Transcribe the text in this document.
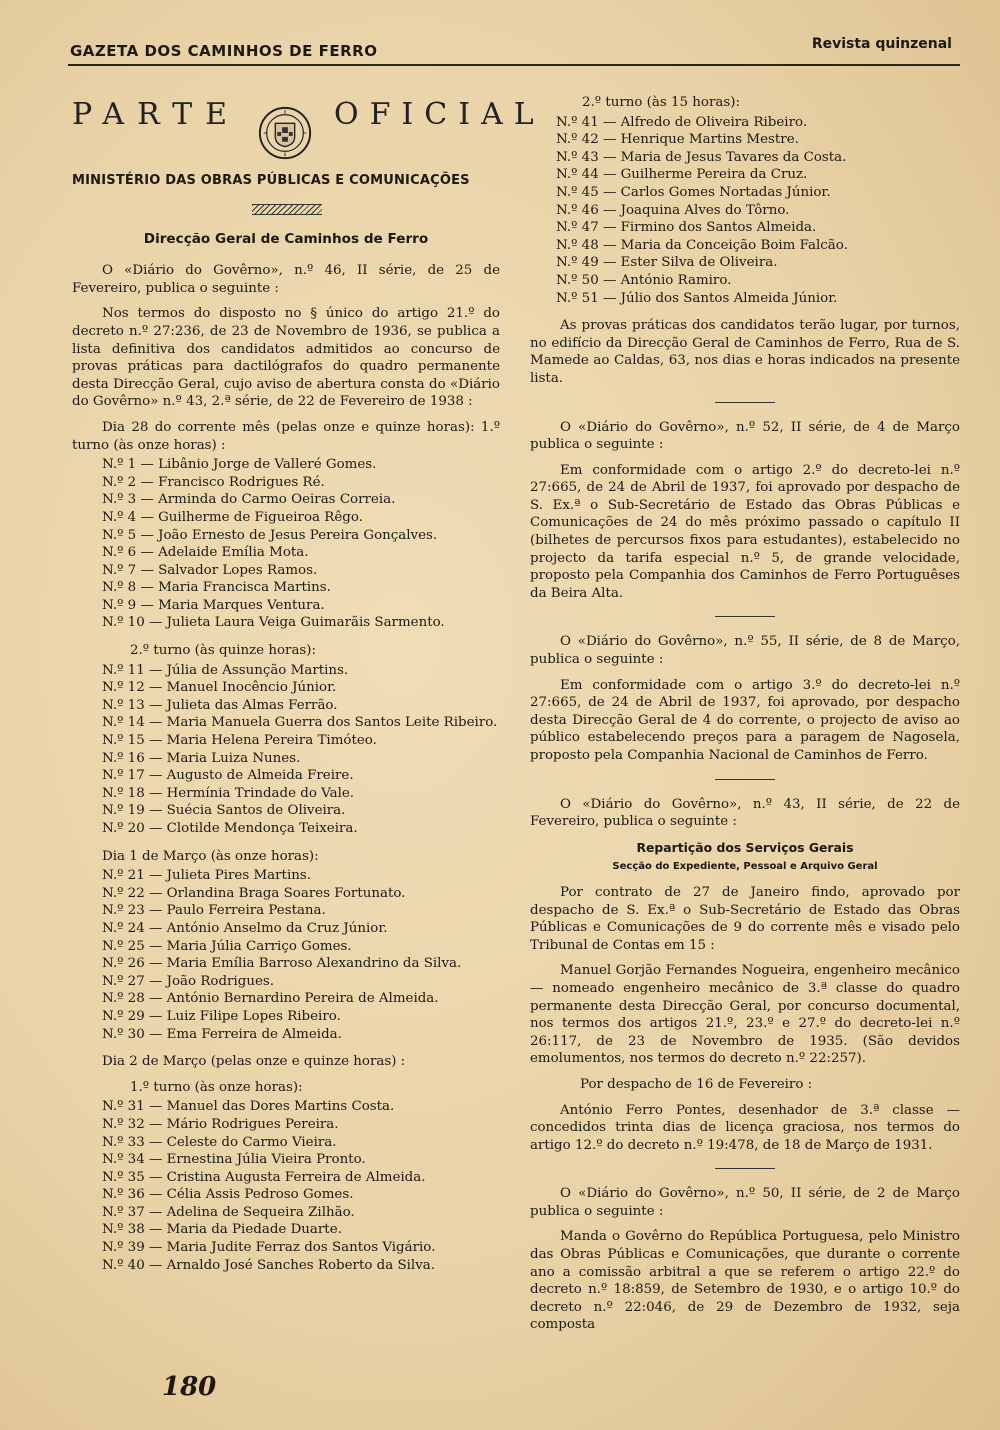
GAZETA DOS CAMINHOS DE FERRO	Revista quinzenal
PARTE	OFICIAL
MINISTÉRIO DAS OBRAS PÚBLICAS E COMUNICAÇÕES
Direcção Geral de Caminhos de Ferro

O «Diário do Govêrno», n.º 46, II série, de 25 de Fevereiro, publica o seguinte :

Nos termos do disposto no § único do artigo 21.º do decreto n.º 27:236, de 23 de Novembro de 1936, se publica a lista definitiva dos candidatos admitidos ao concurso de provas práticas para dactilógrafos do quadro permanente desta Direcção Geral, cujo aviso de abertura consta do «Diário do Govêrno» n.º 43, 2.ª série, de 22 de Fevereiro de 1938 :

Dia 28 do corrente mês (pelas onze e quinze horas): 1.º turno (às onze horas) :

N.º 1 — Libânio Jorge de Valleré Gomes.
N.º 2 — Francisco Rodrigues Ré.
N.º 3 — Arminda do Carmo Oeiras Correia.
N.º 4 — Guilherme de Figueiroa Rêgo.
N.º 5 — João Ernesto de Jesus Pereira Gonçalves.
N.º 6 — Adelaide Emília Mota.
N.º 7 — Salvador Lopes Ramos.
N.º 8 — Maria Francisca Martins.
N.º 9 — Maria Marques Ventura.
N.º 10 — Julieta Laura Veiga Guimarãis Sarmento.
2.º turno (às quinze horas):
N.º 11 — Júlia de Assunção Martins.
N.º 12 — Manuel Inocêncio Júnior.
N.º 13 — Julieta das Almas Ferrão.
N.º 14 — Maria Manuela Guerra dos Santos Leite Ribeiro.
N.º 15 — Maria Helena Pereira Timóteo.
N.º 16 — Maria Luiza Nunes.
N.º 17 — Augusto de Almeida Freire.
N.º 18 — Hermínia Trindade do Vale.
N.º 19 — Suécia Santos de Oliveira.
N.º 20 — Clotilde Mendonça Teixeira.
Dia 1 de Março (às onze horas):
N.º 21 — Julieta Pires Martins.
N.º 22 — Orlandina Braga Soares Fortunato.
N.º 23 — Paulo Ferreira Pestana.
N.º 24 — António Anselmo da Cruz Júnior.
N.º 25 — Maria Júlia Carriço Gomes.
N.º 26 — Maria Emília Barroso Alexandrino da Silva.
N.º 27 — João Rodrigues.
N.º 28 — António Bernardino Pereira de Almeida.
N.º 29 — Luiz Filipe Lopes Ribeiro.
N.º 30 — Ema Ferreira de Almeida.
Dia 2 de Março (pelas onze e quinze horas) :
1.º turno (às onze horas):
N.º 31 — Manuel das Dores Martins Costa.
N.º 32 — Mário Rodrigues Pereira.
N.º 33 — Celeste do Carmo Vieira.
N.º 34 — Ernestina Júlia Vieira Pronto.
N.º 35 — Cristina Augusta Ferreira de Almeida.
N.º 36 — Célia Assis Pedroso Gomes.
N.º 37 — Adelina de Sequeira Zilhão.
N.º 38 — Maria da Piedade Duarte.
N.º 39 — Maria Judite Ferraz dos Santos Vigário.
N.º 40 — Arnaldo José Sanches Roberto da Silva.
2.º turno (às 15 horas):
N.º 41 — Alfredo de Oliveira Ribeiro.
N.º 42 — Henrique Martins Mestre.
N.º 43 — Maria de Jesus Tavares da Costa.
N.º 44 — Guilherme Pereira da Cruz.
N.º 45 — Carlos Gomes Nortadas Júnior.
N.º 46 — Joaquina Alves do Tôrno.
N.º 47 — Firmino dos Santos Almeida.
N.º 48 — Maria da Conceição Boim Falcão.
N.º 49 — Ester Silva de Oliveira.
N.º 50 — António Ramiro.
N.º 51 — Júlio dos Santos Almeida Júnior.

As provas práticas dos candidatos terão lugar, por turnos, no edifício da Direcção Geral de Caminhos de Ferro, Rua de S. Mamede ao Caldas, 63, nos dias e horas indicados na presente lista.

O «Diário do Govêrno», n.º 52, II série, de 4 de Março publica o seguinte :

Em conformidade com o artigo 2.º do decreto-lei n.º 27:665, de 24 de Abril de 1937, foi aprovado por despacho de S. Ex.ª o Sub-Secretário de Estado das Obras Públicas e Comunicações de 24 do mês próximo passado o capítulo II (bilhetes de percursos fixos para estudantes), estabelecido no projecto da tarifa especial n.º 5, de grande velocidade, proposto pela Companhia dos Caminhos de Ferro Portuguêses da Beira Alta.

O «Diário do Govêrno», n.º 55, II série, de 8 de Março, publica o seguinte :

Em conformidade com o artigo 3.º do decreto-lei n.º 27:665, de 24 de Abril de 1937, foi aprovado, por despacho desta Direcção Geral de 4 do corrente, o projecto de aviso ao público estabelecendo preços para a paragem de Nagosela, proposto pela Companhia Nacional de Caminhos de Ferro.

O «Diário do Govêrno», n.º 43, II série, de 22 de Fevereiro, publica o seguinte :

Repartição dos Serviços Gerais
Secção do Expediente, Pessoal e Arquivo Geral

Por contrato de 27 de Janeiro findo, aprovado por despacho de S. Ex.ª o Sub-Secretário de Estado das Obras Públicas e Comunicações de 9 do corrente mês e visado pelo Tribunal de Contas em 15 :

Manuel Gorjão Fernandes Nogueira, engenheiro mecânico — nomeado engenheiro mecânico de 3.ª classe do quadro permanente desta Direcção Geral, por concurso documental, nos termos dos artigos 21.º, 23.º e 27.º do decreto-lei n.º 26:117, de 23 de Novembro de 1935. (São devidos emolumentos, nos termos do decreto n.º 22:257).

Por despacho de 16 de Fevereiro :

António Ferro Pontes, desenhador de 3.ª classe — concedidos trinta dias de licença graciosa, nos termos do artigo 12.º do decreto n.º 19:478, de 18 de Março de 1931.

O «Diário do Govêrno», n.º 50, II série, de 2 de Março publica o seguinte :

Manda o Govêrno do República Portuguesa, pelo Ministro das Obras Públicas e Comunicações, que durante o corrente ano a comissão arbitral a que se referem o artigo 22.º do decreto n.º 18:859, de Setembro de 1930, e o artigo 10.º do decreto n.º 22:046, de 29 de Dezembro de 1932, seja composta

180
